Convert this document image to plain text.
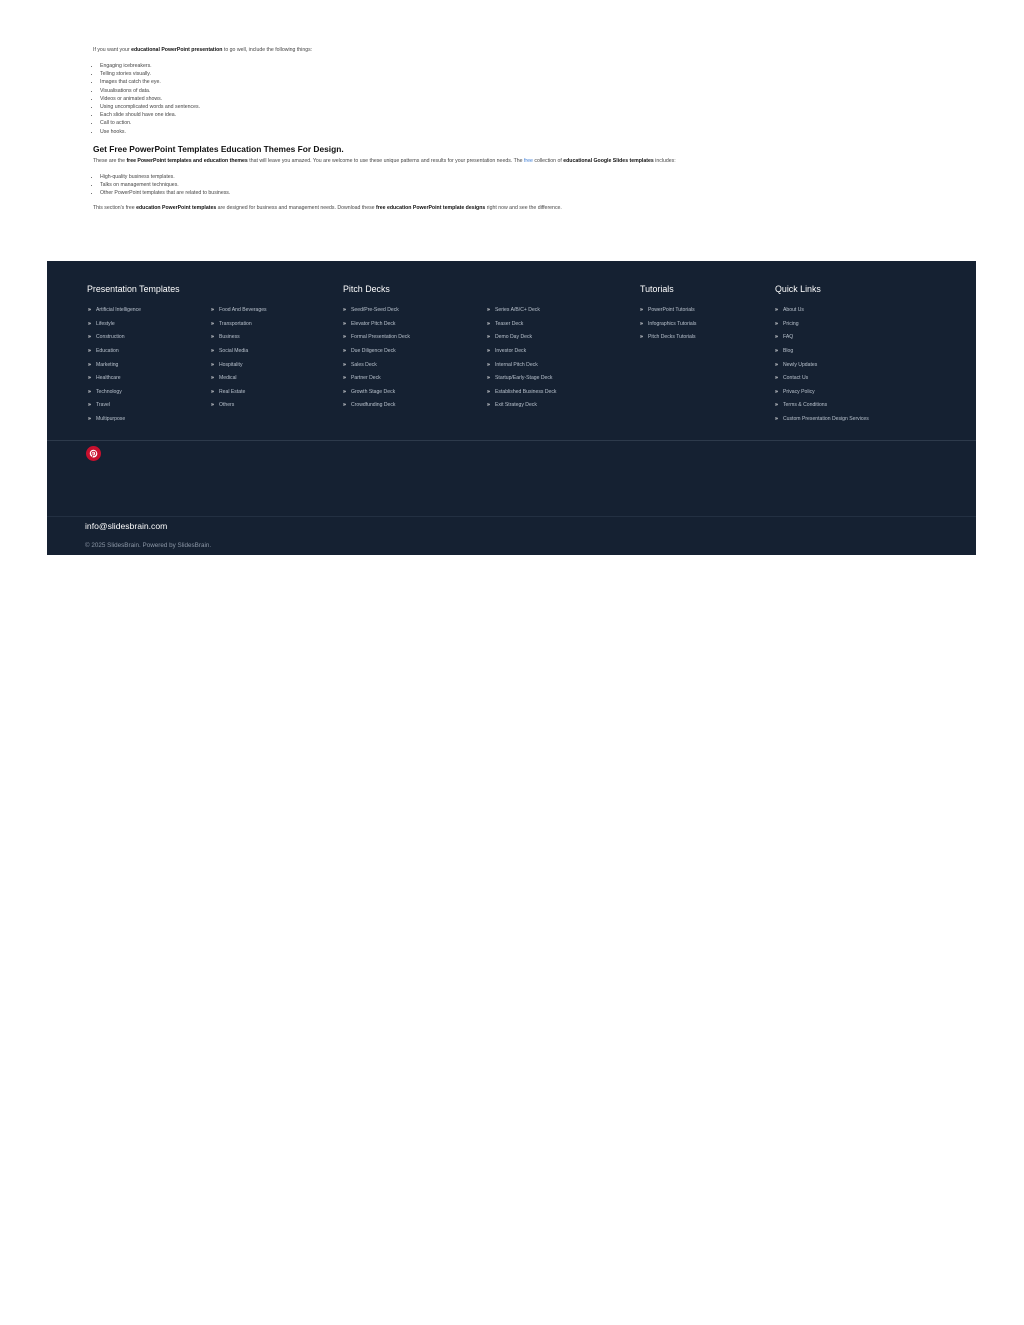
If you want your educational PowerPoint presentation to go well, include the following things:

• Engaging icebreakers.
• Telling stories visually.
• Images that catch the eye.
• Visualisations of data.
• Videos or animated shows.
• Using uncomplicated words and sentences.
• Each slide should have one idea.
• Call to action.
• Use hooks.
Get Free PowerPoint Templates Education Themes For Design.

These are the free PowerPoint templates and education themes that will leave you amazed. You are welcome to use these unique patterns and results for your presentation needs. The free collection of educational Google Slides templates includes:

• High-quality business templates.
• Talks on management techniques.
• Other PowerPoint templates that are related to business.

This section's free education PowerPoint templates are designed for business and management needs. Download these free education PowerPoint template designs right now and see the difference.

Presentation Templates
» Artificial Intelligence
» Lifestyle
» Construction
» Education
» Marketing
» Healthcare
» Technology
» Travel
» Multipurpose
» Food And Beverages
» Transportation
» Business
» Social Media
» Hospitality
» Medical
» Real Estate
» Others
Pitch Decks
» Seed/Pre-Seed Deck
» Elevator Pitch Deck
» Formal Presentation Deck
» Due Diligence Deck
» Sales Deck
» Partner Deck
» Growth Stage Deck
» Crowdfunding Deck
» Series A/B/C+ Deck
» Teaser Deck
» Demo Day Deck
» Investor Deck
» Internal Pitch Deck
» Startup/Early-Stage Deck
» Established Business Deck
» Exit Strategy Deck
Tutorials
» PowerPoint Tutorials
» Infographics Tutorials
» Pitch Decks Tutorials
Quick Links
» About Us
» Pricing
» FAQ
» Blog
» Newly Updates
» Contact Us
» Privacy Policy
» Terms & Conditions
» Custom Presentation Design Services
info@slidesbrain.com
© 2025 SlidesBrain. Powered by SlidesBrain.
